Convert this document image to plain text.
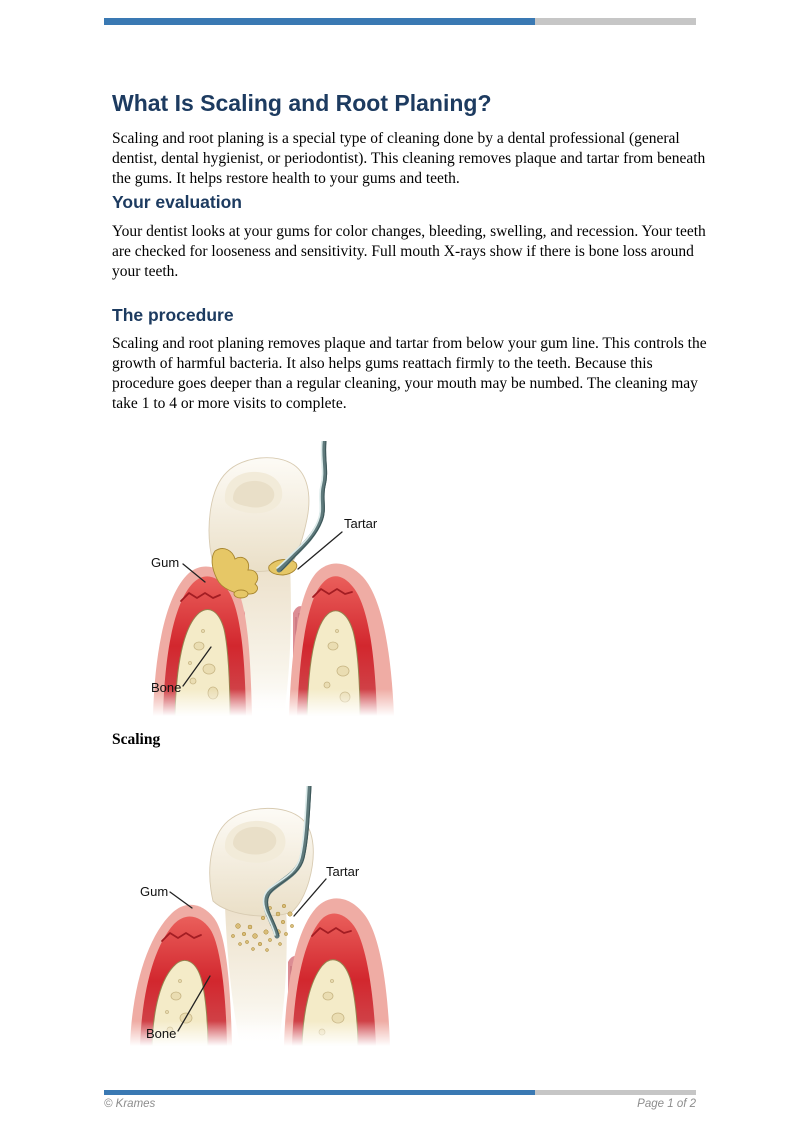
What Is Scaling and Root Planing?

Scaling and root planing is a special type of cleaning done by a dental professional (general dentist, dental hygienist, or periodontist). This cleaning removes plaque and tartar from beneath the gums. It helps restore health to your gums and teeth.

Your evaluation

Your dentist looks at your gums for color changes, bleeding, swelling, and recession. Your teeth are checked for looseness and sensitivity. Full mouth X-rays show if there is bone loss around your teeth.

The procedure

Scaling and root planing removes plaque and tartar from below your gum line. This controls the growth of harmful bacteria. It also helps gums reattach firmly to the teeth. Because this procedure goes deeper than a regular cleaning, your mouth may be numbed. The cleaning may take 1 to 4 or more visits to complete.

Gum
Tartar
Bone
Scaling
Gum
Tartar
Bone
© Krames	Page 1 of 2
